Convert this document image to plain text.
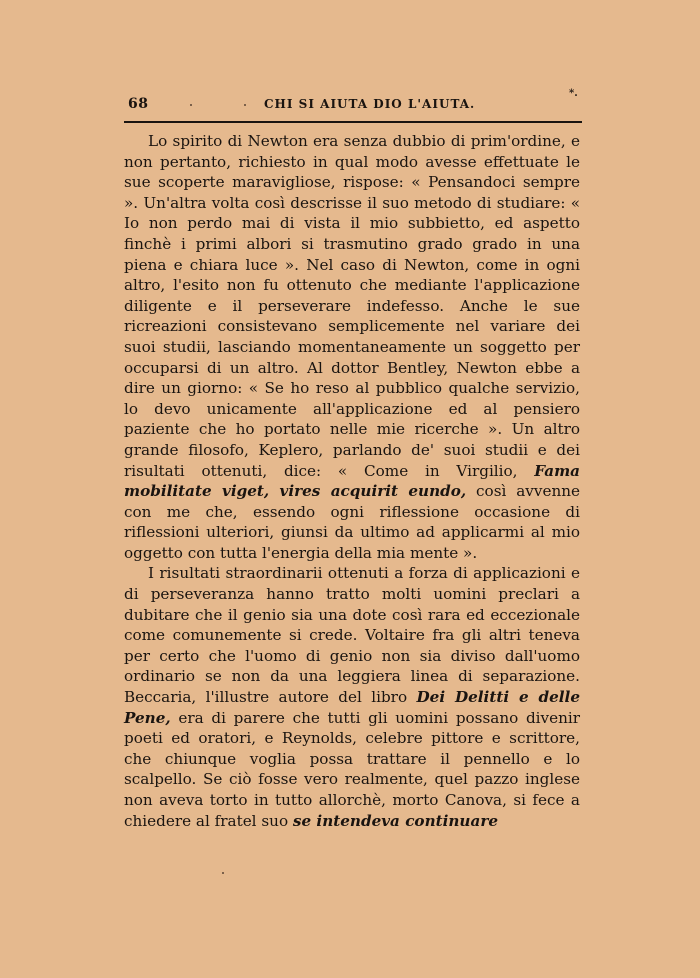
68	CHI SI AIUTA DIO L'AIUTA.
*.

Lo spirito di Newton era senza dubbio di prim'ordine, e non pertanto, richiesto in qual modo avesse effettuate le sue scoperte maravigliose, rispose: « Pensandoci sempre ». Un'altra volta così descrisse il suo metodo di studiare: « Io non perdo mai di vista il mio subbietto, ed aspetto finchè i primi albori si trasmutino grado grado in una piena e chiara luce ». Nel caso di Newton, come in ogni altro, l'esito non fu ottenuto che mediante l'applicazione diligente e il perseverare indefesso. Anche le sue ricreazioni consistevano semplicemente nel variare dei suoi studii, lasciando momentaneamente un soggetto per occuparsi di un altro. Al dottor Bentley, Newton ebbe a dire un giorno: « Se ho reso al pubblico qualche servizio, lo devo unicamente all'applicazione ed al pensiero paziente che ho portato nelle mie ricerche ». Un altro grande filosofo, Keplero, parlando de' suoi studii e dei risultati ottenuti, dice: « Come in Virgilio, Fama mobilitate viget, vires acquirit eundo, così avvenne con me che, essendo ogni riflessione occasione di riflessioni ulteriori, giunsi da ultimo ad applicarmi al mio oggetto con tutta l'energia della mia mente ».

I risultati straordinarii ottenuti a forza di applicazioni e di perseveranza hanno tratto molti uomini preclari a dubitare che il genio sia una dote così rara ed eccezionale come comunemente si crede. Voltaire fra gli altri teneva per certo che l'uomo di genio non sia diviso dall'uomo ordinario se non da una leggiera linea di separazione. Beccaria, l'illustre autore del libro Dei Delitti e delle Pene, era di parere che tutti gli uomini possano divenir poeti ed oratori, e Reynolds, celebre pittore e scrittore, che chiunque voglia possa trattare il pennello e lo scalpello. Se ciò fosse vero realmente, quel pazzo inglese non aveva torto in tutto allorchè, morto Canova, si fece a chiedere al fratel suo se intendeva continuare
